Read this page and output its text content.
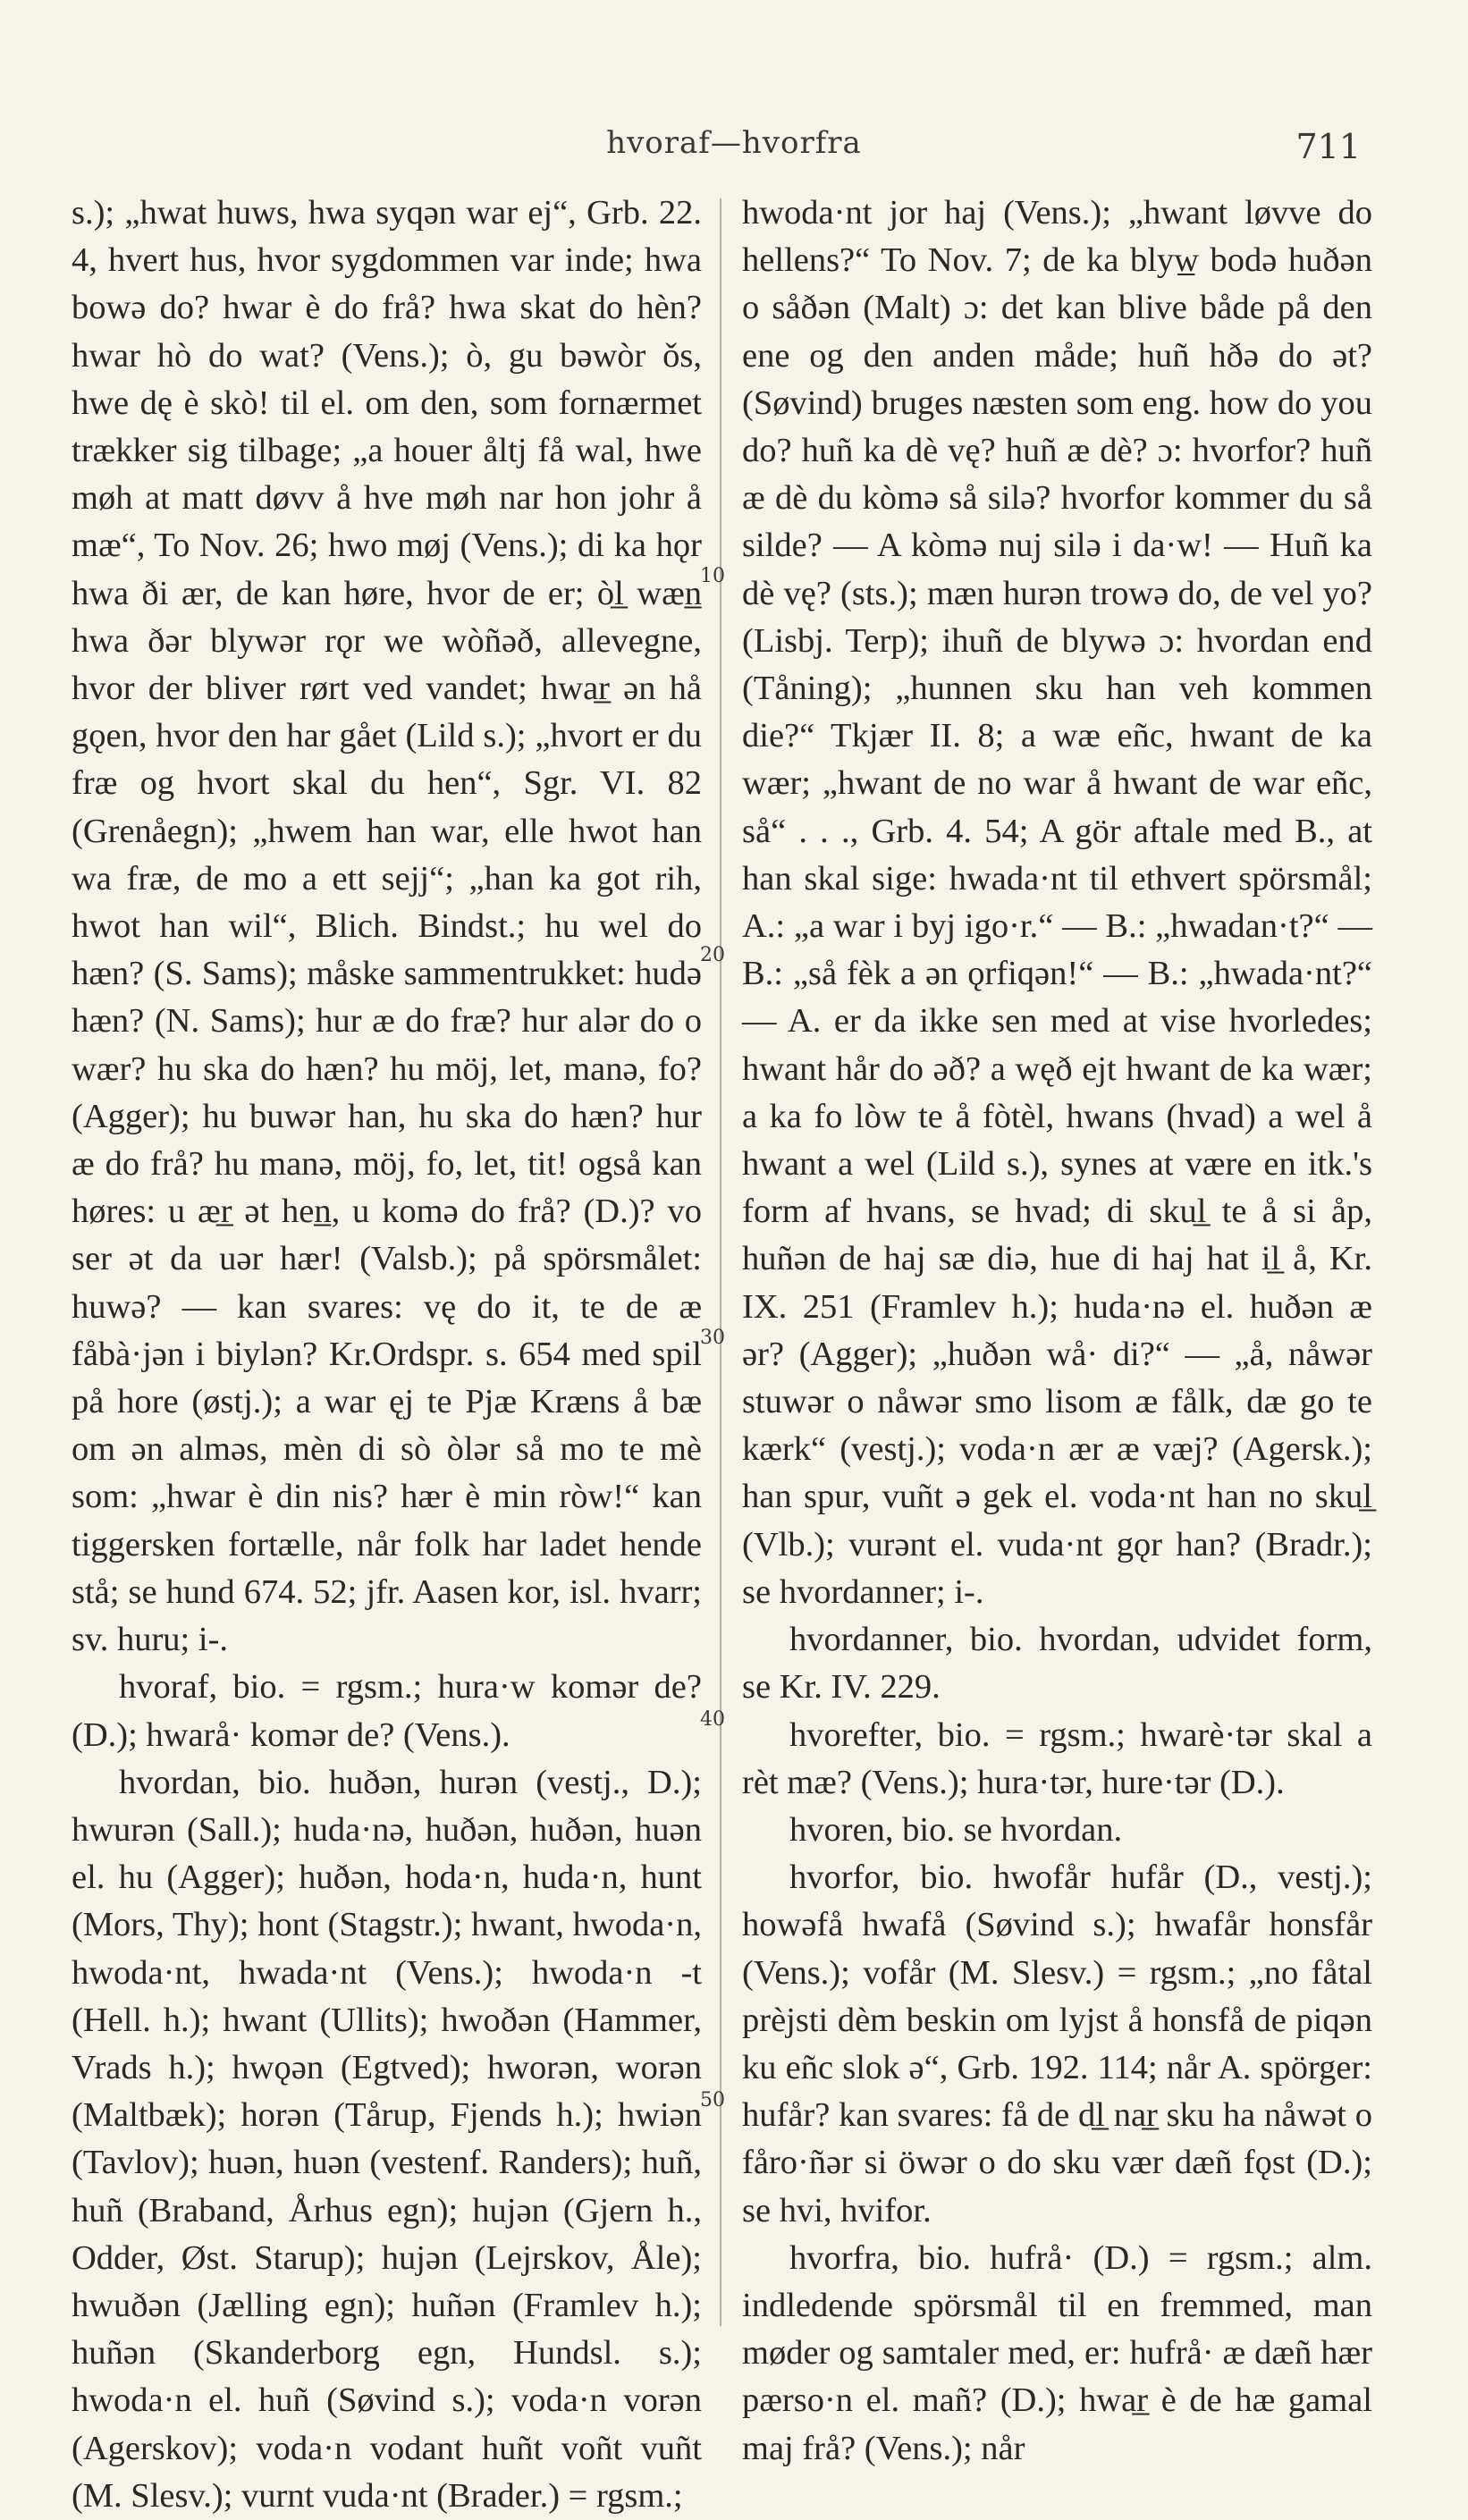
hvoraf—hvorfra	711

s.); „hwat huws, hwa syqən war ej“, Grb. 22. 4, hvert hus, hvor sygdommen var inde; hwa bowə do? hwar è do frå? hwa skat do hèn? hwar hò do wat? (Vens.); ò, gu bəwòr ǒs, hwe dę è skò! til el. om den, som fornærmet trækker sig tilbage; „a houer åltj få wal, hwe møh at matt døvv å hve møh nar hon johr å mæ“, To Nov. 26; hwo møj (Vens.); di ka hǫr hwa ði ær, de kan høre, hvor de er; òl̲ wæn̲ hwa ðər blywər rǫr we wòñəð, allevegne, hvor der bliver rørt ved vandet; hwar̲ ən hå gǫen, hvor den har gået (Lild s.); „hvort er du fræ og hvort skal du hen“, Sgr. VI. 82 (Grenåegn); „hwem han war, elle hwot han wa fræ, de mo a ett sejj“; „han ka got rih, hwot han wil“, Blich. Bindst.; hu wel do hæn? (S. Sams); måske sammentrukket: hudə hæn? (N. Sams); hur æ do fræ? hur alər do o wær? hu ska do hæn? hu möj, let, manə, fo? (Agger); hu buwər han, hu ska do hæn? hur æ do frå? hu manə, möj, fo, let, tit! også kan høres: u ær̲ ət hen̲, u komə do frå? (D.)? vo ser ət da uər hær! (Valsb.); på spörsmålet: huwə? — kan svares: vę do it, te de æ fåbà·jən i biylən? Kr.Ordspr. s. 654 med spil på hore (østj.); a war ęj te Pjæ Kræns å bæ om ən alməs, mèn di sò òlər så mo te mè som: „hwar è din nis? hær è min ròw!“ kan tiggersken fortælle, når folk har ladet hende stå; se hund 674. 52; jfr. Aasen kor, isl. hvarr; sv. huru; i-.

hvoraf, bio. = rgsm.; hura·w komər de? (D.); hwarå· komər de? (Vens.).

hvordan, bio. huðən, hurən (vestj., D.); hwurən (Sall.); huda·nə, huðən, huðən, huən el. hu (Agger); huðən, hoda·n, huda·n, hunt (Mors, Thy); hont (Stagstr.); hwant, hwoda·n, hwoda·nt, hwada·nt (Vens.); hwoda·n -t (Hell. h.); hwant (Ullits); hwoðən (Hammer, Vrads h.); hwǫən (Egtved); hworən, worən (Maltbæk); horən (Tårup, Fjends h.); hwiən (Tavlov); huən, huən (vestenf. Randers); huñ, huñ (Braband, Århus egn); hujən (Gjern h., Odder, Øst. Starup); hujən (Lejrskov, Åle); hwuðən (Jælling egn); huñən (Framlev h.); huñən (Skanderborg egn, Hundsl. s.); hwoda·n el. huñ (Søvind s.); voda·n vorən (Agerskov); voda·n vodant huñt voñt vuñt (M. Slesv.); vurnt vuda·nt (Brader.) = rgsm.;

10
20
30
40
50

hwoda·nt jor haj (Vens.); „hwant løvve do hellens?“ To Nov. 7; de ka blyw̲ bodə huðən o såðən (Malt) ɔ: det kan blive både på den ene og den anden måde; huñ hðə do ət? (Søvind) bruges næsten som eng. how do you do? huñ ka dè vę? huñ æ dè? ɔ: hvorfor? huñ æ dè du kòmə så silə? hvorfor kommer du så silde? — A kòmə nuj silə i da·w! — Huñ ka dè vę? (sts.); mæn hurən trowə do, de vel yo? (Lisbj. Terp); ihuñ de blywə ɔ: hvordan end (Tåning); „hunnen sku han veh kommen die?“ Tkjær II. 8; a wæ eñc, hwant de ka wær; „hwant de no war å hwant de war eñc, så“ . . ., Grb. 4. 54; A gör aftale med B., at han skal sige: hwada·nt til ethvert spörsmål; A.: „a war i byj igo·r.“ — B.: „hwadan·t?“ — B.: „så fèk a ən ǫrfiqən!“ — B.: „hwada·nt?“ — A. er da ikke sen med at vise hvorledes; hwant hår do əð? a węð ejt hwant de ka wær; a ka fo lòw te å fòtèl, hwans (hvad) a wel å hwant a wel (Lild s.), synes at være en itk.'s form af hvans, se hvad; di skul̲ te å si åp, huñən de haj sæ diə, hue di haj hat il̲ å, Kr. IX. 251 (Framlev h.); huda·nə el. huðən æ ər? (Agger); „huðən wå· di?“ — „å, nåwər stuwər o nåwər smo lisom æ fålk, dæ go te kærk“ (vestj.); voda·n ær æ væj? (Agersk.); han spur, vuñt ə gek el. voda·nt han no skul̲ (Vlb.); vurənt el. vuda·nt gǫr han? (Bradr.); se hvordanner; i-.

hvordanner, bio. hvordan, udvidet form, se Kr. IV. 229.

hvorefter, bio. = rgsm.; hwarè·tər skal a rèt mæ? (Vens.); hura·tər, hure·tər (D.).

hvoren, bio. se hvordan.

hvorfor, bio. hwofår hufår (D., vestj.); howəfå hwafå (Søvind s.); hwafår honsfår (Vens.); vofår (M. Slesv.) = rgsm.; „no fåtal prèjsti dèm beskin om lyjst å honsfå de piqən ku eñc slok ə“, Grb. 192. 114; når A. spörger: hufår? kan svares: få de dl̲ nar̲ sku ha nåwət o fåro·ñər si öwər o do sku vær dæñ fǫst (D.); se hvi, hvifor.

hvorfra, bio. hufrå· (D.) = rgsm.; alm. indledende spörsmål til en fremmed, man møder og samtaler med, er: hufrå· æ dæñ hær pærso·n el. mañ? (D.); hwar̲ è de hæ gamal maj frå? (Vens.); når
